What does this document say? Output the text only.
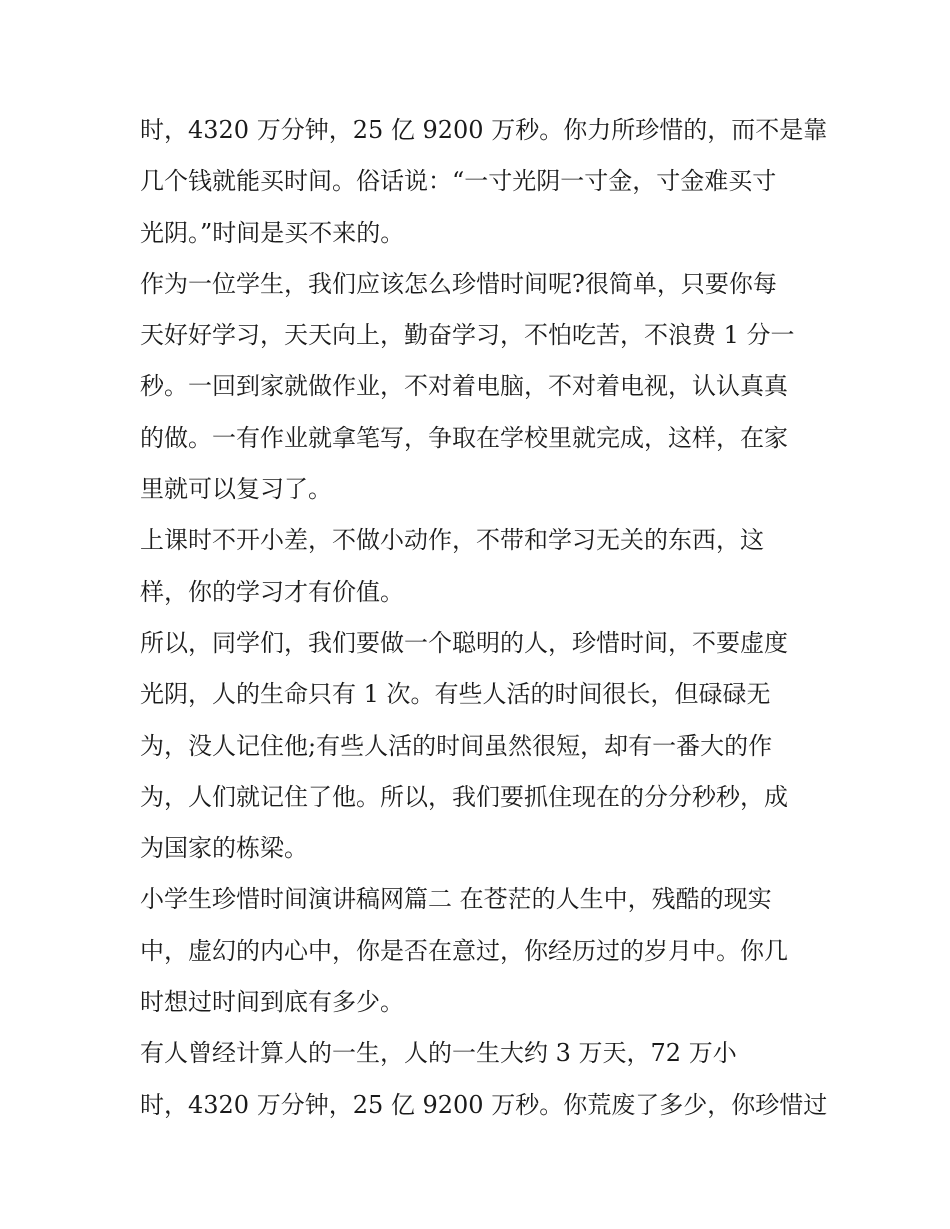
时，4320 万分钟，25 亿 9200 万秒。你力所珍惜的，而不是靠
几个钱就能买时间。俗话说：“一寸光阴一寸金，寸金难买寸
光阴。”时间是买不来的。
作为一位学生，我们应该怎么珍惜时间呢?很简单，只要你每
天好好学习，天天向上，勤奋学习，不怕吃苦，不浪费 1 分一
秒。一回到家就做作业，不对着电脑，不对着电视，认认真真
的做。一有作业就拿笔写，争取在学校里就完成，这样，在家
里就可以复习了。
上课时不开小差，不做小动作，不带和学习无关的东西，这
样，你的学习才有价值。
所以，同学们，我们要做一个聪明的人，珍惜时间，不要虚度
光阴，人的生命只有 1 次。有些人活的时间很长，但碌碌无
为，没人记住他;有些人活的时间虽然很短，却有一番大的作
为，人们就记住了他。所以，我们要抓住现在的分分秒秒，成
为国家的栋梁。
小学生珍惜时间演讲稿网篇二 在苍茫的人生中，残酷的现实
中，虚幻的内心中，你是否在意过，你经历过的岁月中。你几
时想过时间到底有多少。
有人曾经计算人的一生，人的一生大约 3 万天，72 万小
时，4320 万分钟，25 亿 9200 万秒。你荒废了多少，你珍惜过
